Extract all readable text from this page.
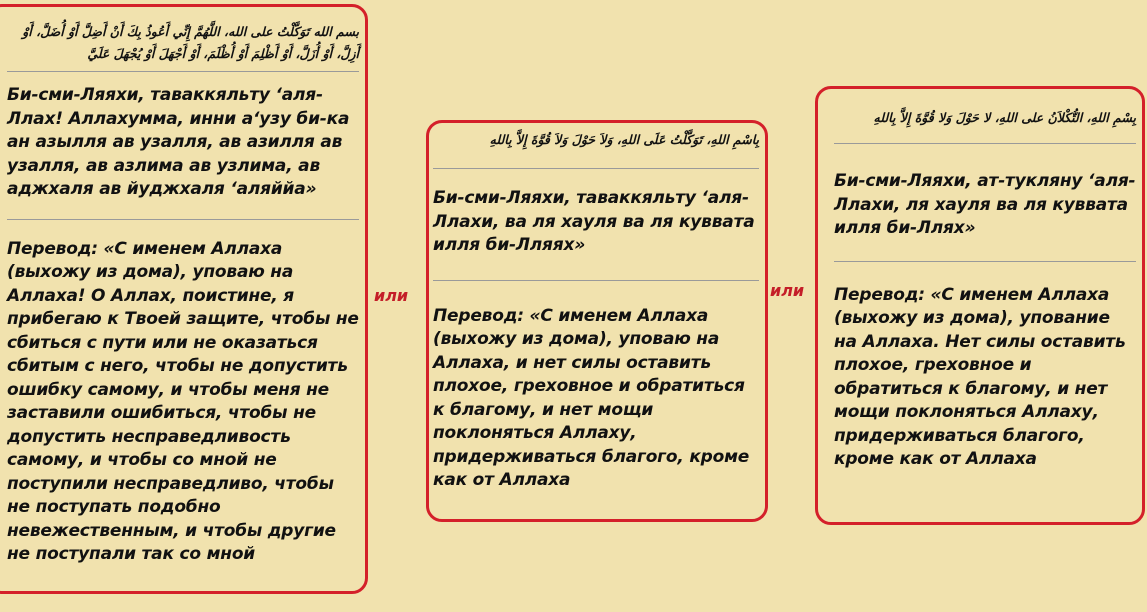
بسم الله تَوَكَّلْتُ على الله، اللَّهُمَّ إِنِّي أَعُوذُ بِكَ أَنْ أَضِلَّ أَوْ أُضَلَّ، أَوْ أَزِلَّ، أَوْ أُزَلَّ، أَوْ أَظْلِمَ أَوْ أُظْلَمَ، أَوْ أَجْهَلَ أَوْ يُجْهَلَ عَلَيَّ

Би-сми-Ляяхи, таваккяльту ‘аля-Ллах! Аллахумма, инни а‘узу би-ка ан азылля ав узалля, ав азилля ав узалля, ав азлима ав узлима, ав аджхаля ав йуджхаля ‘аляййа»

Перевод: «С именем Аллаха (выхожу из дома), уповаю на Аллаха! О Аллах, поистине, я прибегаю к Твоей защите, чтобы не сбиться с пути или не оказаться сбитым с него, чтобы не допустить ошибку самому, и чтобы меня не заставили ошибиться, чтобы не допустить несправедливость самому, и чтобы со мной не поступили несправедливо, чтобы не поступать подобно невежественным, и чтобы другие не поступали так со мной

или

بِاسْمِ اللهِ، تَوَكَّلْتُ عَلَى اللهِ، وَلاَ حَوْلَ وَلاَ قُوَّةَ إِلاَّ بِاللهِ

Би-сми-Ляяхи, таваккяльту ‘аля-Ллахи, ва ля хауля ва ля куввата илля би-Лляях»

Перевод: «С именем Аллаха (выхожу из дома), уповаю на Аллаха, и нет силы оставить плохое, греховное и обратиться к благому, и нет мощи поклоняться Аллаху, придерживаться благого, кроме как от Аллаха

или

بِسْمِ اللهِ، التُّكْلاَنُ على اللهِ، لا حَوْلَ وَلا قُوَّةَ إِلاَّ بِاللهِ

Би-сми-Ляяхи, ат-тукляну ‘аля-Ллахи, ля хауля ва ля куввата илля би-Ллях»

Перевод: «С именем Аллаха (выхожу из дома), упование на Аллаха. Нет силы оставить плохое, греховное и обратиться к благому, и нет мощи поклоняться Аллаху, придерживаться благого, кроме как от Аллаха
